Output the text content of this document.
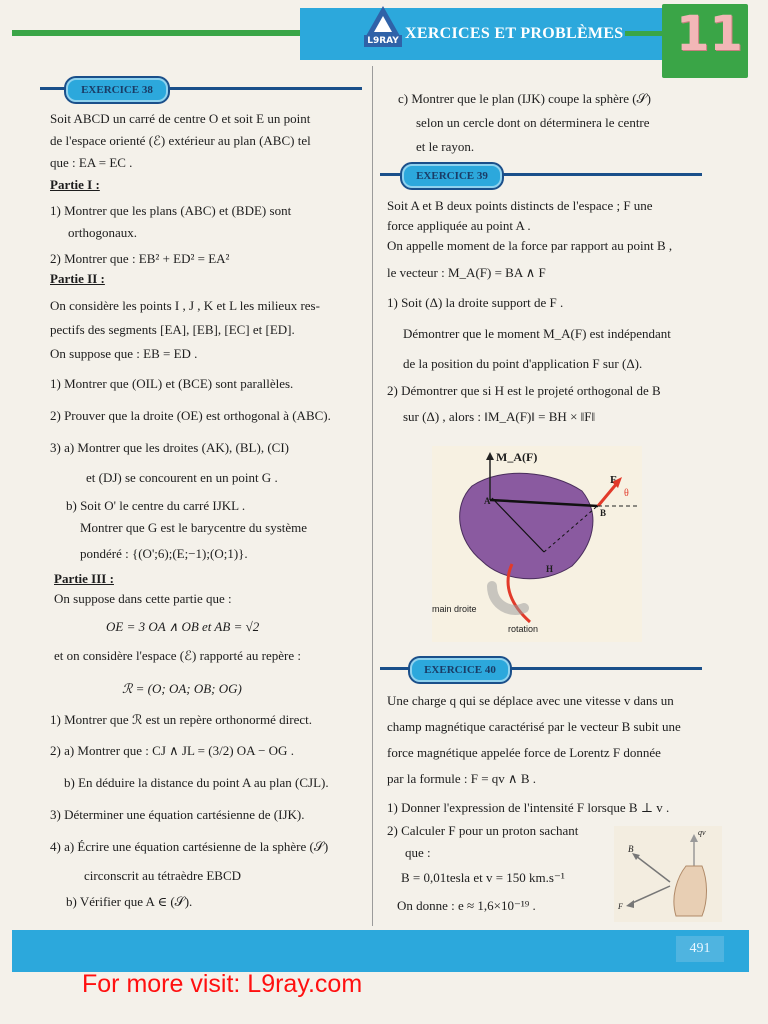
XERCICES ET PROBLÈMES
L9RAY	11
EXERCICE 38

Soit ABCD un carré de centre O et soit E un point

de l'espace orienté (ℰ) extérieur au plan (ABC) tel

que : EA = EC .

Partie I :

1) Montrer que les plans (ABC) et (BDE) sont

orthogonaux.

2) Montrer que : EB² + ED² = EA²

Partie II :

On considère les points I , J , K et L les milieux res-

pectifs des segments [EA], [EB], [EC] et [ED].

On suppose que : EB = ED .

1) Montrer que (OIL) et (BCE) sont parallèles.

2) Prouver que la droite (OE) est orthogonal à (ABC).

3) a) Montrer que les droites (AK), (BL), (CI)

et (DJ) se concourent en un point G .

b) Soit O' le centre du carré IJKL .

Montrer que G est le barycentre du système

pondéré : {(O';6);(E;−1);(O;1)}.

Partie III :

On suppose dans cette partie que :

OE = 3 OA ∧ OB et AB = √2

et on considère l'espace (ℰ) rapporté au repère :

ℛ = (O; OA; OB; OG)

1) Montrer que ℛ est un repère orthonormé direct.

2) a) Montrer que : CJ ∧ JL = (3/2) OA − OG .

b) En déduire la distance du point A au plan (CJL).

3) Déterminer une équation cartésienne de (IJK).

4) a) Écrire une équation cartésienne de la sphère (𝒮)

circonscrit au tétraèdre EBCD

b) Vérifier que A ∈ (𝒮).

c) Montrer que le plan (IJK) coupe la sphère (𝒮)

selon un cercle dont on déterminera le centre

et le rayon.

EXERCICE 39

Soit A et B deux points distincts de l'espace ; F une

force appliquée au point A .

On appelle moment de la force par rapport au point B ,

le vecteur : M_A(F) = BA ∧ F

1) Soit (Δ) la droite support de F .

Démontrer que le moment M_A(F) est indépendant

de la position du point d'application F sur (Δ).

2) Démontrer que si H est le projeté orthogonal de B

sur (Δ) , alors : ‖M_A(F)‖ = BH × ‖F‖

M_A(F)
F
θ
A
B
H
main droite
rotation
EXERCICE 40

Une charge q qui se déplace avec une vitesse v dans un

champ magnétique caractérisé par le vecteur B subit une

force magnétique appelée force de Lorentz F donnée

par la formule : F = qv ∧ B .

1) Donner l'expression de l'intensité F lorsque B ⊥ v .

2) Calculer F pour un proton sachant

que :

B = 0,01tesla et v = 150 km.s⁻¹

On donne : e ≈ 1,6×10⁻¹⁹ .

B
qv
F
491
For more visit: L9ray.com
